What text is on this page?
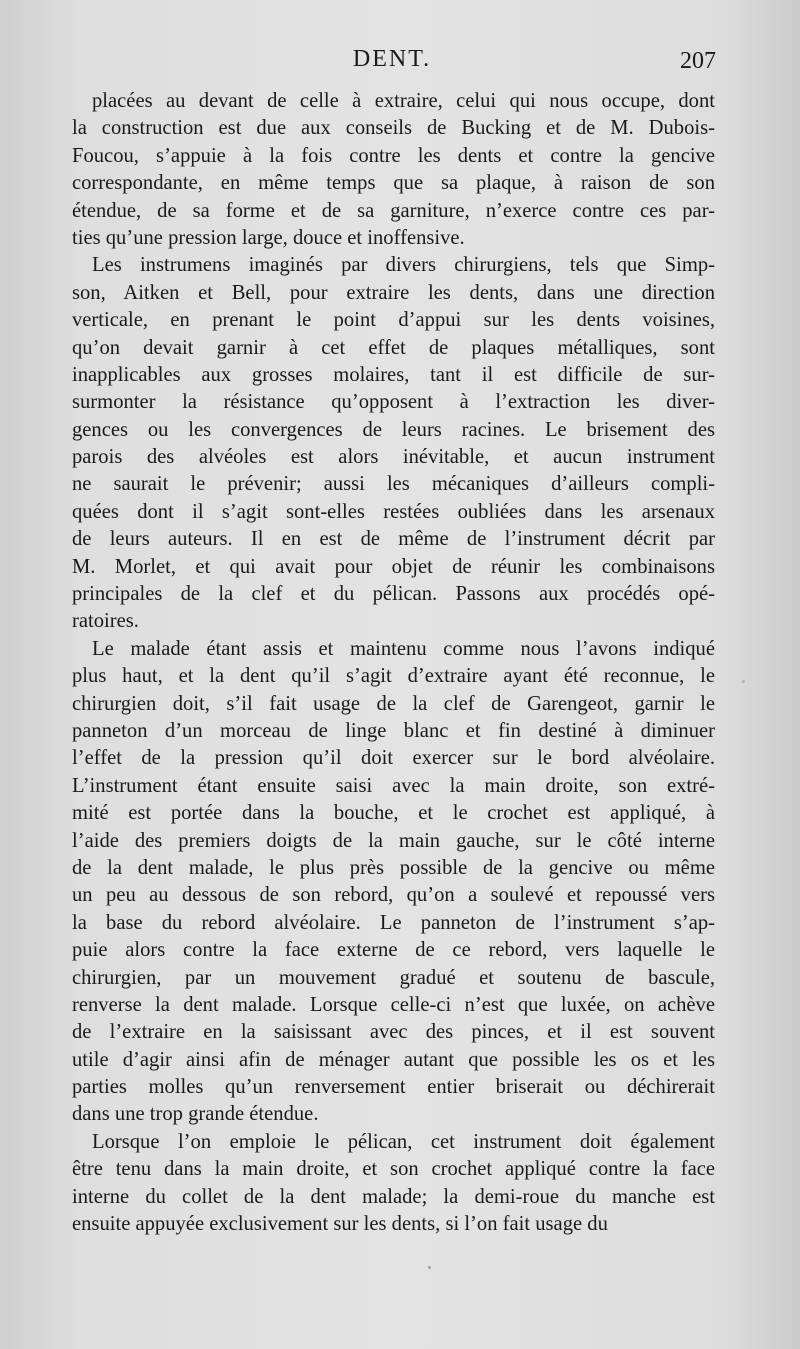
DENT.	207
placées au devant de celle à extraire, celui qui nous occupe, dont
la construction est due aux conseils de Bucking et de M. Dubois-
Foucou, s’appuie à la fois contre les dents et contre la gencive
correspondante, en même temps que sa plaque, à raison de son
étendue, de sa forme et de sa garniture, n’exerce contre ces par-
ties qu’une pression large, douce et inoffensive.
Les instrumens imaginés par divers chirurgiens, tels que Simp-
son, Aitken et Bell, pour extraire les dents, dans une direction
verticale, en prenant le point d’appui sur les dents voisines,
qu’on devait garnir à cet effet de plaques métalliques, sont
inapplicables aux grosses molaires, tant il est difficile de sur-
surmonter la résistance qu’opposent à l’extraction les diver-
gences ou les convergences de leurs racines. Le brisement des
parois des alvéoles est alors inévitable, et aucun instrument
ne saurait le prévenir; aussi les mécaniques d’ailleurs compli-
quées dont il s’agit sont-elles restées oubliées dans les arsenaux
de leurs auteurs. Il en est de même de l’instrument décrit par
M. Morlet, et qui avait pour objet de réunir les combinaisons
principales de la clef et du pélican. Passons aux procédés opé-
ratoires.
Le malade étant assis et maintenu comme nous l’avons indiqué
plus haut, et la dent qu’il s’agit d’extraire ayant été reconnue, le
chirurgien doit, s’il fait usage de la clef de Garengeot, garnir le
panneton d’un morceau de linge blanc et fin destiné à diminuer
l’effet de la pression qu’il doit exercer sur le bord alvéolaire.
L’instrument étant ensuite saisi avec la main droite, son extré-
mité est portée dans la bouche, et le crochet est appliqué, à
l’aide des premiers doigts de la main gauche, sur le côté interne
de la dent malade, le plus près possible de la gencive ou même
un peu au dessous de son rebord, qu’on a soulevé et repoussé vers
la base du rebord alvéolaire. Le panneton de l’instrument s’ap-
puie alors contre la face externe de ce rebord, vers laquelle le
chirurgien, par un mouvement gradué et soutenu de bascule,
renverse la dent malade. Lorsque celle-ci n’est que luxée, on achève
de l’extraire en la saisissant avec des pinces, et il est souvent
utile d’agir ainsi afin de ménager autant que possible les os et les
parties molles qu’un renversement entier briserait ou déchirerait
dans une trop grande étendue.
Lorsque l’on emploie le pélican, cet instrument doit également
être tenu dans la main droite, et son crochet appliqué contre la face
interne du collet de la dent malade; la demi-roue du manche est
ensuite appuyée exclusivement sur les dents, si l’on fait usage du
